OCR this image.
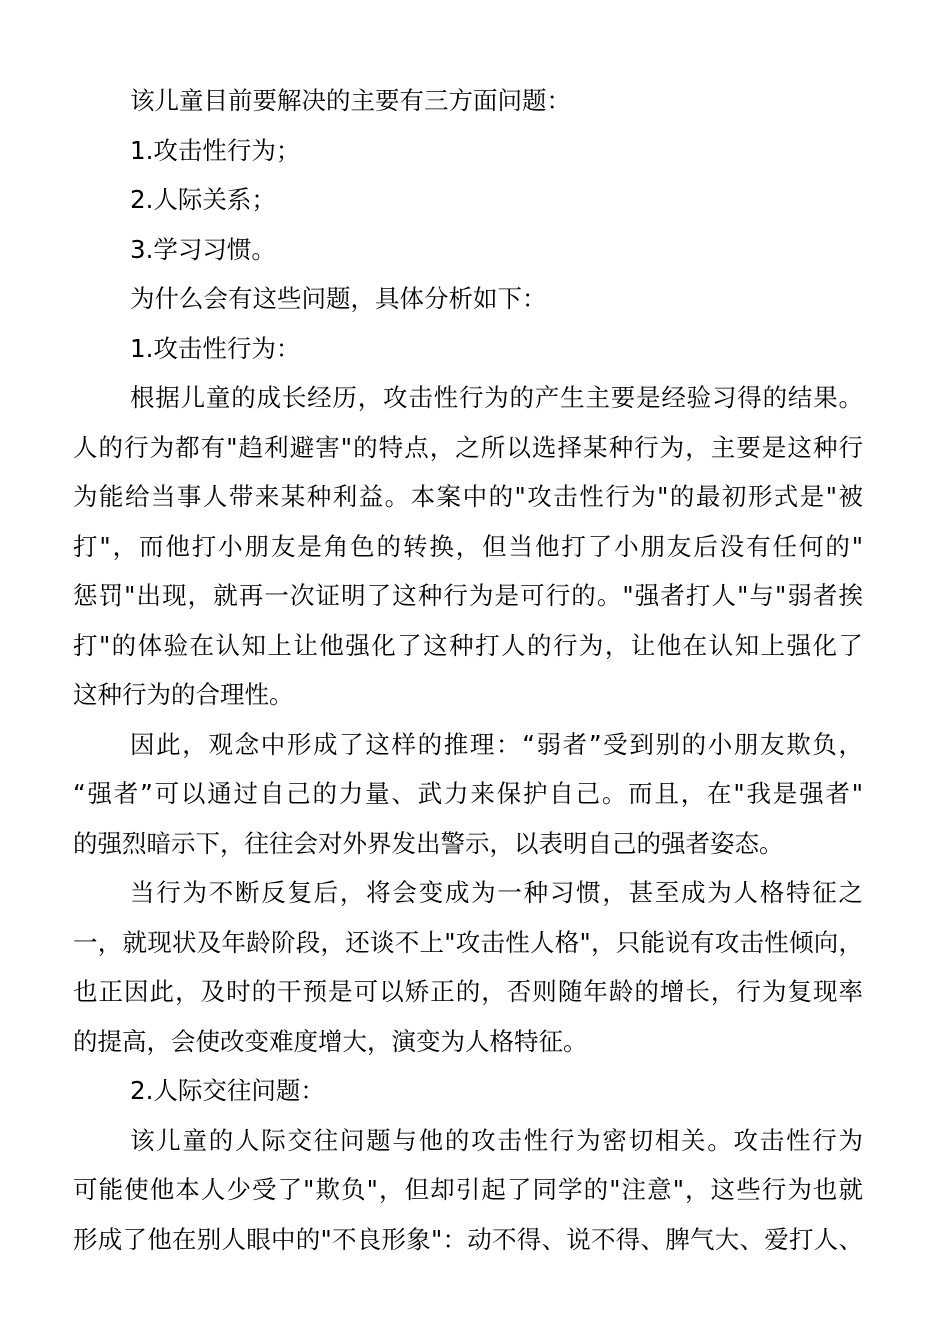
该儿童目前要解决的主要有三方面问题：
1.攻击性行为；
2.人际关系；
3.学习习惯。
为什么会有这些问题，具体分析如下：
1.攻击性行为：
根据儿童的成长经历，攻击性行为的产生主要是经验习得的结果。
人的行为都有"趋利避害"的特点，之所以选择某种行为，主要是这种行
为能给当事人带来某种利益。本案中的"攻击性行为"的最初形式是"被
打"，而他打小朋友是角色的转换，但当他打了小朋友后没有任何的"
惩罚"出现，就再一次证明了这种行为是可行的。"强者打人"与"弱者挨
打"的体验在认知上让他强化了这种打人的行为，让他在认知上强化了
这种行为的合理性。
因此，观念中形成了这样的推理：“弱者”受到别的小朋友欺负，
“强者”可以通过自己的力量、武力来保护自己。而且，在"我是强者"
的强烈暗示下，往往会对外界发出警示，以表明自己的强者姿态。
当行为不断反复后，将会变成为一种习惯，甚至成为人格特征之
一，就现状及年龄阶段，还谈不上"攻击性人格"，只能说有攻击性倾向，
也正因此，及时的干预是可以矫正的，否则随年龄的增长，行为复现率
的提高，会使改变难度增大，演变为人格特征。
2.人际交往问题：
该儿童的人际交往问题与他的攻击性行为密切相关。攻击性行为
可能使他本人少受了"欺负"，但却引起了同学的"注意"，这些行为也就
形成了他在别人眼中的"不良形象"：动不得、说不得、脾气大、爱打人、
